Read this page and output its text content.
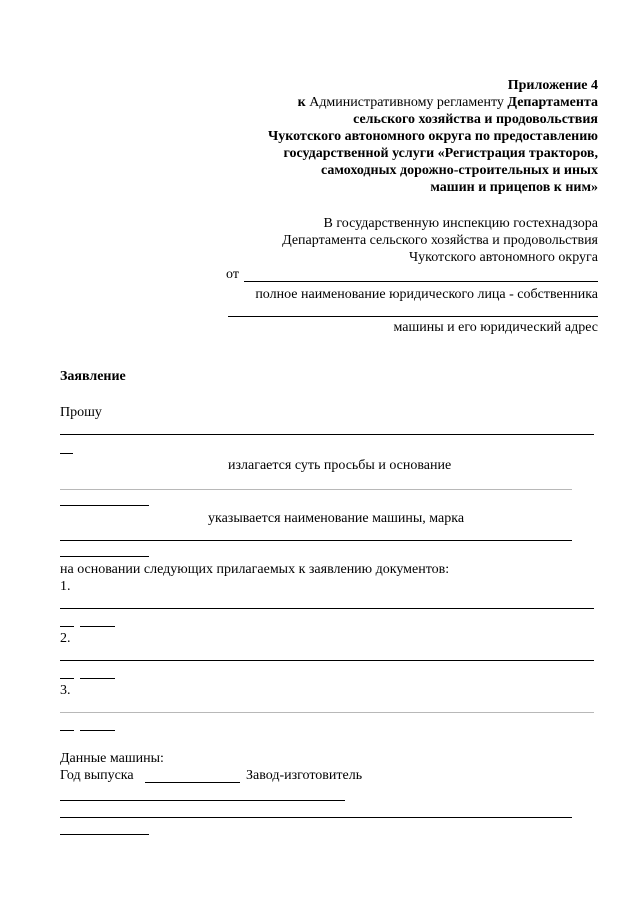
Приложение 4
к Административному регламенту Департамента
сельского хозяйства и продовольствия
Чукотского автономного округа по предоставлению
государственной услуги «Регистрация тракторов,
самоходных дорожно-строительных и иных
машин и прицепов к ним»
В государственную инспекцию гостехнадзора
Департамента сельского хозяйства и продовольствия
Чукотского автономного округа
от
полное наименование юридического лица - собственника
машины и его юридический адрес
Заявление
Прошу
излагается суть просьбы и основание
указывается наименование машины, марка
на основании следующих прилагаемых к заявлению документов:
1.
2.
3.
Данные машины:
Год выпуска	Завод-изготовитель
